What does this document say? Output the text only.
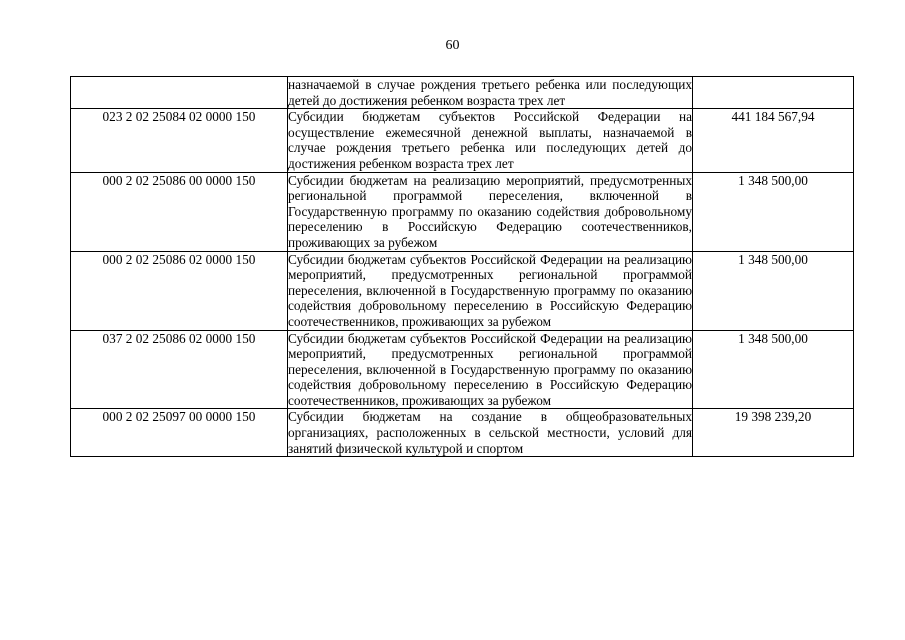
60
	назначаемой в случае рождения третьего ребенка или последующих детей до достижения ребенком возраста трех лет	
023 2 02 25084 02 0000 150	Субсидии бюджетам субъектов Российской Федерации на осуществление ежемесячной денежной выплаты, назначаемой в случае рождения третьего ребенка или последующих детей до достижения ребенком возраста трех лет	441 184 567,94
000 2 02 25086 00 0000 150	Субсидии бюджетам на реализацию мероприятий, предусмотренных региональной программой переселения, включенной в Государственную программу по оказанию содействия добровольному переселению в Российскую Федерацию соотечественников, проживающих за рубежом	1 348 500,00
000 2 02 25086 02 0000 150	Субсидии бюджетам субъектов Российской Федерации на реализацию мероприятий, предусмотренных региональной программой переселения, включенной в Государственную программу по оказанию содействия добровольному переселению в Российскую Федерацию соотечественников, проживающих за рубежом	1 348 500,00
037 2 02 25086 02 0000 150	Субсидии бюджетам субъектов Российской Федерации на реализацию мероприятий, предусмотренных региональной программой переселения, включенной в Государственную программу по оказанию содействия добровольному переселению в Российскую Федерацию соотечественников, проживающих за рубежом	1 348 500,00
000 2 02 25097 00 0000 150	Субсидии бюджетам на создание в общеобразовательных организациях, расположенных в сельской местности, условий для занятий физической культурой и спортом	19 398 239,20
